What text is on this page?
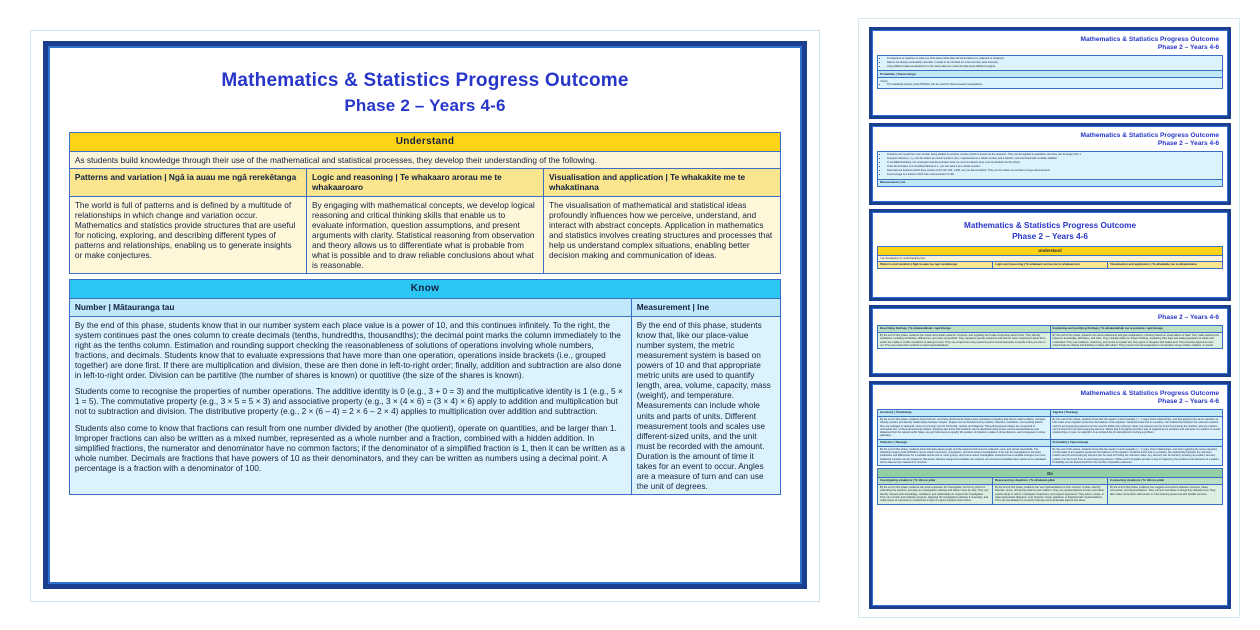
Mathematics & Statistics Progress Outcome
Phase 2 – Years 4-6
Understand		
As students build knowledge through their use of the mathematical and statistical processes, they develop their understanding of the following.		
Patterns and variation | Ngā ia auau me ngā rerekētanga	Logic and reasoning | Te whakaaro arorau me te whakaaroaro	Visualisation and application | Te whakakite me te whakatinana
The world is full of patterns and is defined by a multitude of relationships in which change and variation occur. Mathematics and statistics provide structures that are useful for noticing, exploring, and describing different types of patterns and relationships, enabling us to generate insights or make conjectures.	By engaging with mathematical concepts, we develop logical reasoning and critical thinking skills that enable us to evaluate information, question assumptions, and present arguments with clarity. Statistical reasoning from observation and theory allows us to differentiate what is probable from what is possible and to draw reliable conclusions about what is reasonable.	The visualisation of mathematical and statistical ideas profoundly influences how we perceive, understand, and interact with abstract concepts. Application in mathematics and statistics involves creating structures and processes that help us understand complex situations, enabling better decision making and communication of ideas.
Know	
Number | Mātauranga tau	Measurement | Ine

By the end of this phase, students know that in our number system each place value is a power of 10, and this continues infinitely. To the right, the system continues past the ones column to create decimals (tenths, hundredths, thousandths); the decimal point marks the column immediately to the right as the tenths column. Estimation and rounding support checking the reasonableness of solutions of operations involving whole numbers, fractions, and decimals. Students know that to evaluate expressions that have more than one operation, operations inside brackets (i.e., grouped together) are done first. If there are multiplication and division, these are then done in left-to-right order; finally, addition and subtraction are also done in left-to-right order. Division can be partitive (the number of shares is known) or quotitive (the size of the shares is known).

Students come to recognise the properties of number operations. The additive identity is 0 (e.g., 3 + 0 = 3) and the multiplicative identity is 1 (e.g., 5 × 1 = 5). The commutative property (e.g., 3 × 5 = 5 × 3) and associative property (e.g., 3 × (4 × 6) = (3 × 4) × 6) apply to addition and multiplication but not to subtraction and division. The distributive property (e.g., 2 × (6 – 4) = 2 × 6 – 2 × 4) applies to multiplication over addition and subtraction.

Students also come to know that fractions can result from one number divided by another (the quotient), operate on quantities, and be larger than 1. Improper fractions can also be written as a mixed number, represented as a whole number and a fraction, combined with a hidden addition. In simplified fractions, the numerator and denominator have no common factors; if the denominator of a simplified fraction is 1, then it can be written as a whole number. Decimals are fractions that have powers of 10 as their denominators, and they can be written as numbers using a decimal point. A percentage is a fraction with a denominator of 100.

	By the end of this phase, students know that, like our place-value number system, the metric measurement system is based on powers of 10 and that appropriate metric units are used to quantify length, area, volume, capacity, mass (weight), and temperature. Measurements can include whole units and parts of units. Different measurement tools and scales use different-sized units, and the unit must be recorded with the amount. Duration is the amount of time it takes for an event to occur. Angles are a measure of turn and can use the unit of degrees.
Mathematics & Statistics Progress Outcome
Phase 2 – Years 4-6
• A conjecture or assertion is what you think about what data will show before it is collected or analysed.
• Data is not always necessarily essential, it needs to be checked for errors and any total accuracy.
• Using different data visualisations for the same data can make the data show different insights.

Probability | Tūponotanga

I know
• The statistical enquiry cycle (PPDAC) can be used for chance-based investigations.
Mathematics & Statistics Progress Outcome
Phase 2 – Years 4-6
• Fractions can result from one number being divided by another number (which is known as the quotient). They can be applied to quantities, and they can be larger than 1.
• Improper fractions ( ⁵⁄₄ ) can be written as mixed numbers (1¼), represented as a whole number and a fraction, and combined with a hidden addition.
• In simplified fractions, the numerator and denominator have no common factors (one must be divided into the other).
• If the denominator of a simplified fraction is 1, you can write it as a whole number.
• Decimals are fractions which have powers of 10 (10, 100, 1,000, etc.) as denominators. They can be written as numbers using a decimal point.
• A percentage is a fraction which has a denominator of 100.

Measurement | Ine
Mathematics & Statistics Progress Outcome
Phase 2 – Years 4-6
Understand
I am developing my understanding that:
Patterns and variation | Ngā ia auau me ngā rerekētanga	Logic and reasoning | Te whakaaro arorau me te whakaaroaro	Visualisation and application | Te whakakite me te whakatinana
Phase 2 – Years 4-6
Describing findings | Te whakamāhuki i ngā kitenga	Explaining and justifying findings | Te whakamāhuki me te pumāna i ngā kitenga
By the end of this phase, students can notice and explain patterns, structure, and regularity and make conjectures about them. They identify similarities, including similarities, differences, and near-nonsymbols. They represent specific instances and look for other conjectures about them and/or be unable to confirm situations or attempt to test. They use conjectures using reasoning and counterexamples to decide if they are true or not. They use systematic symbols to extend generalisations.	By the end of this phase, students can name statements and give explanations, including based on observations or data. They make defined and based on knowledge, definitions, and rules. They critically reflect on others' thinking, evaluating their logic and asking questions to clarify and understand. They use evidence, reasoning, and proofs to explain why they agree or disagree with statements. They develop arguments and extend logic by sharing and building on ideas with others. They present internal explanations of a situation using models, relations, or proofs.
Mathematics & Statistics Progress Outcome
Phase 2 – Years 4-6
Geometry | Āhuahanga	Algebra | Taurangi
By the end of this phase, students know that two- and three-dimensional shapes have consistent properties that can be used to define, compare, classify, predict, and identify relationships between shapes. Shapes can be transformed by rotation, reflection, translation, and resizing (where they are enlarged or reduced). Lines of symmetry can be horizontal, vertical, and diagonal. Three-dimensional shapes are composed of connected two- or three-dimensional shapes. Students also know that locations can be described using known environmental features and distances from the natural world. Maps use grid references to specify the position of locations, scales to show distance, and compasses to show pathways.	By the end of this phase, students know that the equal (=) and inequality (<, >) signs show relationships, and that applying the same operation to both sides of an equation preserves the balance of the equation. Students know that in a position, the relationship between the unknown position and the accompanying element can be used for finding the unknown value. Any element can be found by knowing the position, and any position can be found from its accompanying element. Tables and 2-D graphs provide a way of organising the positions and elements of a pattern to reveal relationships or rules. An algorithm is an ordered list of instructions for solving a problem.
Statistics | Tauanga	Probability | Tūponotanga
By the end of this phase, students know that data about people and the natural world must be collected, used, and stored respectfully. The statistical enquiry cycle (PPDAC) can be used in summary, comparison, and time-series investigations. A set can be investigated to compare similarities and differences for a variable across two or more groups, and a time-series investigation examines how a variable changes over time. Statistical contexts can be created or discussed, discrete categorical variables are ordered, and numerical variables have values to be calculated. Some data can be measured or counted.	By the end of this phase, students know that the equal (=) and inequality (<, >) signs show relationships, and when applying the same operation to both sides of an equation preserves the balance of the equation. Students know that in a position, the relationship between the unknown position and its accompanying element can be used for finding the unknown value. Any element can be found by knowing its position, and any position can be found from its accompanying element. Tables and 2-D graphs provide a way of organising the positions and elements of a pattern. Probability can be determined from the number of possible outcomes.
Do		
Investigating situations | Te tūhura pātai	Representing situations | Te whakaata pātai	Connecting situations | Te tūhono pātai
By the end of this phase, students can pose a question for investigation, find entry points for estimating the question, and plan an investigation pathway and follow it step by step. They can identify relevant prior knowledge, conditions, and relationships to support the investigation. They can monitor and evaluate progress, adjusting the investigation pathway if necessary, and make sense of outcomes or conclusions in light of a given situation and context.	By the end of this phase, students can use representations to find, connect, explore, identify, illustrate, prove, and justify patterns and relations. They use representations to learn new ideas, explore ideas in others, investigate conjectures, and support arguments. They select, create, or adapt appropriate diagrams, oral, physical, visual, graphical, or diagrammatic representations. They use visualisation to correctly represent and manipulate objects and ideas.	By the end of this phase, students can suggest connections between concepts, ideas, summaries, and representations. They connect new ideas to things they already know. They also make connections with known or other learning areas and with familiar contexts.
